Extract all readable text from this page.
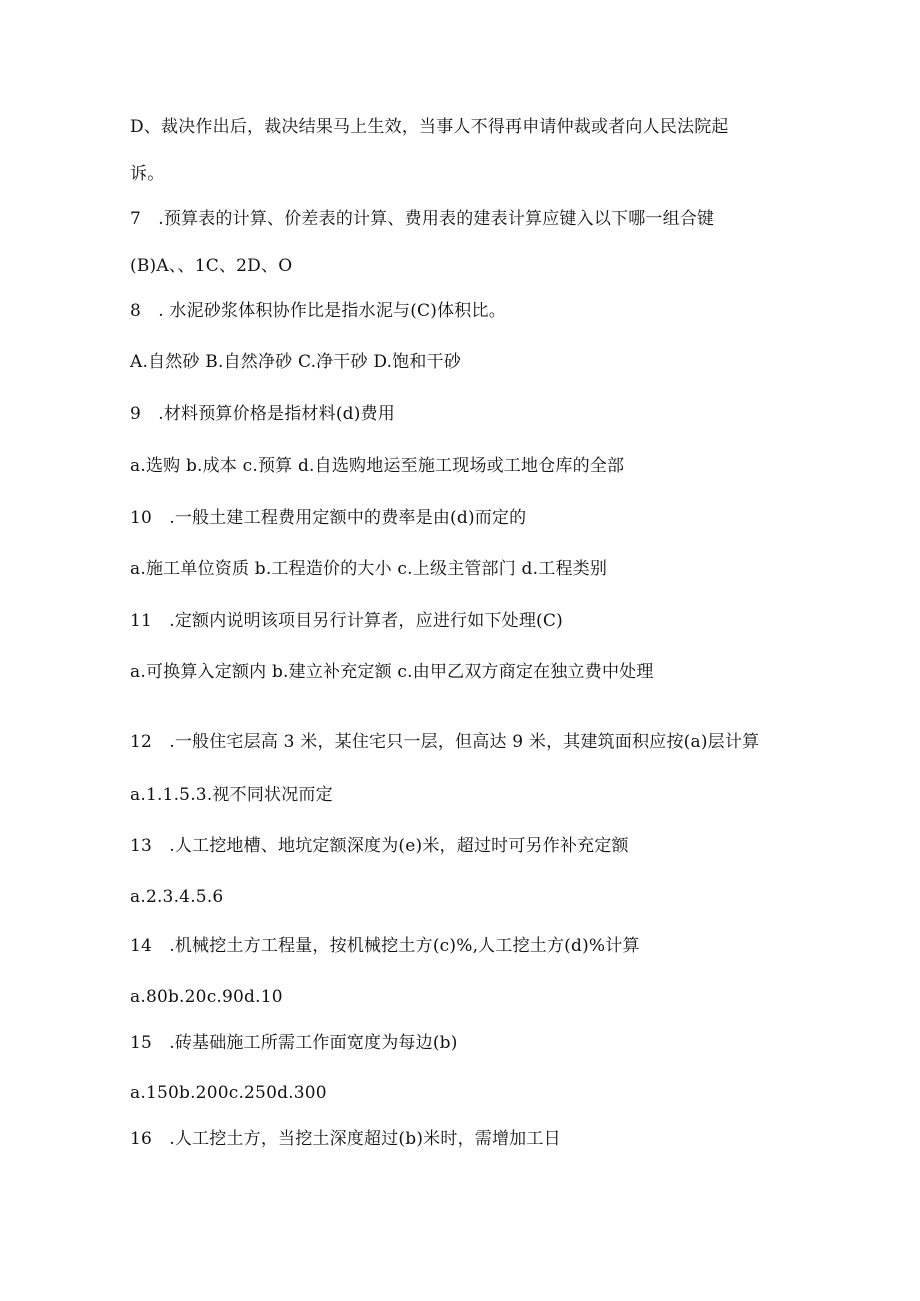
D、裁决作出后，裁决结果马上生效，当事人不得再申请仲裁或者向人民法院起
诉。
7　.预算表的计算、价差表的计算、费用表的建表计算应键入以下哪一组合键
(B)A、、1C、2D、O
8　. 水泥砂浆体积协作比是指水泥与(C)体积比。
A.自然砂 B.自然净砂 C.净干砂 D.饱和干砂
9　.材料预算价格是指材料(d)费用
a.选购 b.成本 c.预算 d.自选购地运至施工现场或工地仓库的全部
10　.一般土建工程费用定额中的费率是由(d)而定的
a.施工单位资质 b.工程造价的大小 c.上级主管部门 d.工程类别
11　.定额内说明该项目另行计算者，应进行如下处理(C)
a.可换算入定额内 b.建立补充定额 c.由甲乙双方商定在独立费中处理
12　.一般住宅层高 3 米，某住宅只一层，但高达 9 米，其建筑面积应按(a)层计算
a.1.1.5.3.视不同状况而定
13　.人工挖地槽、地坑定额深度为(e)米，超过时可另作补充定额
a.2.3.4.5.6
14　.机械挖土方工程量，按机械挖土方(c)%,人工挖土方(d)%计算
a.80b.20c.90d.10
15　.砖基础施工所需工作面宽度为每边(b)
a.150b.200c.250d.300
16　.人工挖土方，当挖土深度超过(b)米时，需增加工日
